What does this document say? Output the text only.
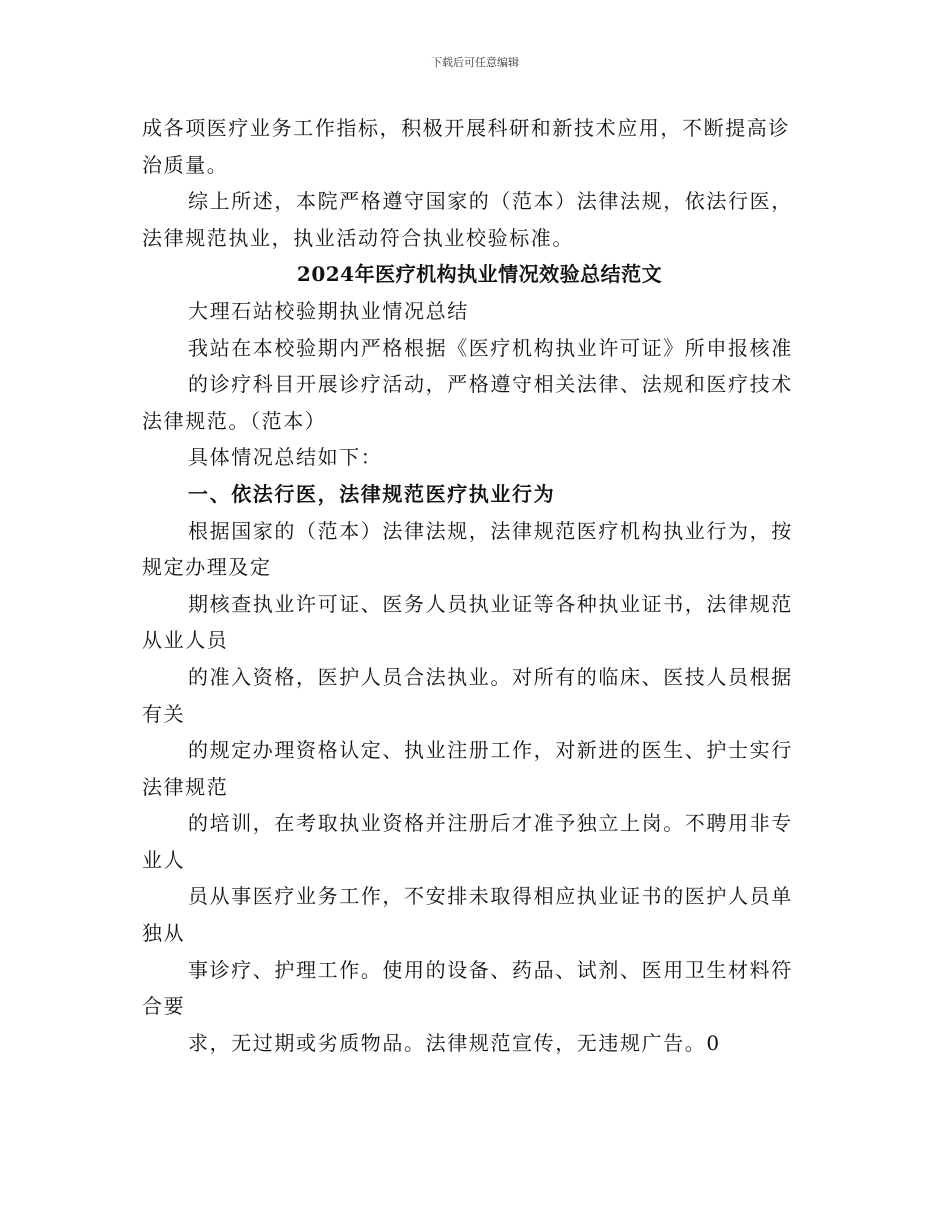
下载后可任意编辑
成各项医疗业务工作指标，积极开展科研和新技术应用，不断提高诊
治质量。
综上所述，本院严格遵守国家的（范本）法律法规，依法行医，
法律规范执业，执业活动符合执业校验标准。
2024年医疗机构执业情况效验总结范文
大理石站校验期执业情况总结
我站在本校验期内严格根据《医疗机构执业许可证》所申报核准
的诊疗科目开展诊疗活动，严格遵守相关法律、法规和医疗技术
法律规范。（范本）
具体情况总结如下：
一、依法行医，法律规范医疗执业行为
根据国家的（范本）法律法规，法律规范医疗机构执业行为，按
规定办理及定
期核查执业许可证、医务人员执业证等各种执业证书，法律规范
从业人员
的准入资格，医护人员合法执业。对所有的临床、医技人员根据
有关
的规定办理资格认定、执业注册工作，对新进的医生、护士实行
法律规范
的培训，在考取执业资格并注册后才准予独立上岗。不聘用非专
业人
员从事医疗业务工作，不安排未取得相应执业证书的医护人员单
独从
事诊疗、护理工作。使用的设备、药品、试剂、医用卫生材料符
合要
求，无过期或劣质物品。法律规范宣传，无违规广告。0
